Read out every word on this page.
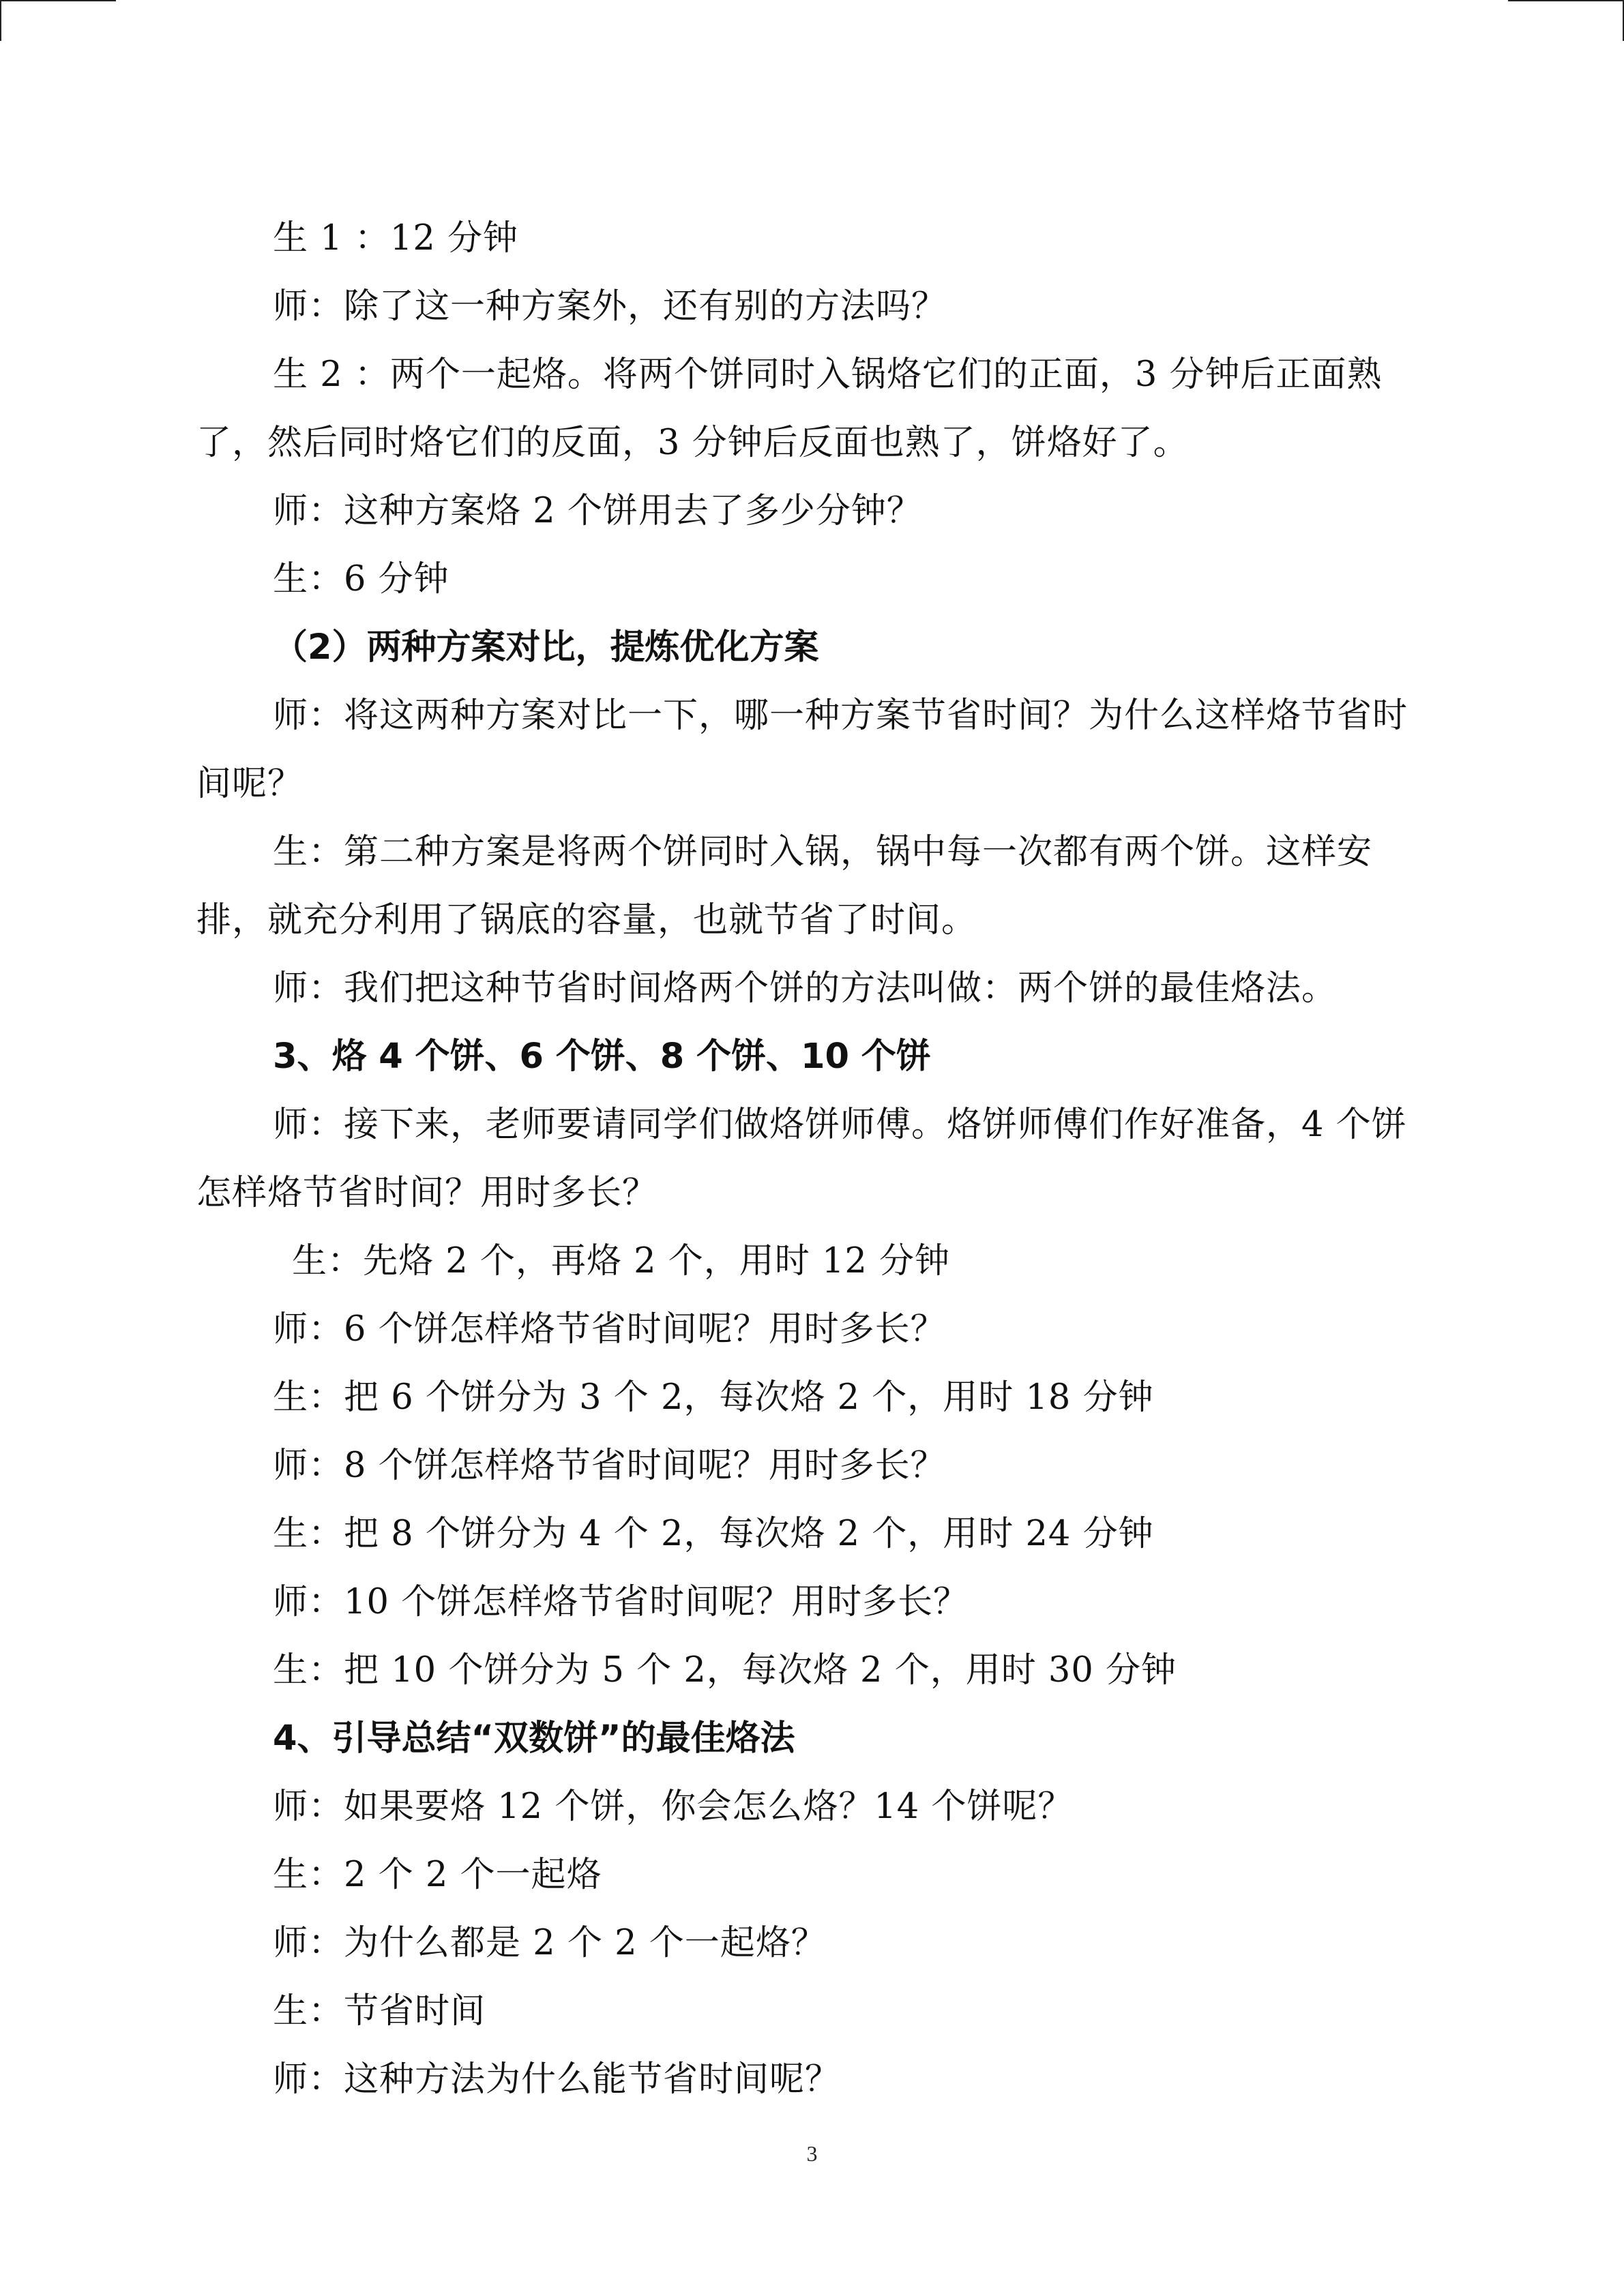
生 1 ：12 分钟

师：除了这一种方案外，还有别的方法吗？

生 2 ：两个一起烙。将两个饼同时入锅烙它们的正面，3 分钟后正面熟了，然后同时烙它们的反面，3 分钟后反面也熟了，饼烙好了。

师：这种方案烙 2 个饼用去了多少分钟？

生：6 分钟

（2）两种方案对比，提炼优化方案

师：将这两种方案对比一下，哪一种方案节省时间？为什么这样烙节省时间呢？

生：第二种方案是将两个饼同时入锅，锅中每一次都有两个饼。这样安排，就充分利用了锅底的容量，也就节省了时间。

师：我们把这种节省时间烙两个饼的方法叫做：两个饼的最佳烙法。

3、烙 4 个饼、6 个饼、8 个饼、10 个饼

师：接下来，老师要请同学们做烙饼师傅。烙饼师傅们作好准备，4 个饼怎样烙节省时间？用时多长？

生：先烙 2 个，再烙 2 个，用时 12 分钟

师：6 个饼怎样烙节省时间呢？用时多长？

生：把 6 个饼分为 3 个 2，每次烙 2 个，用时 18 分钟

师：8 个饼怎样烙节省时间呢？用时多长？

生：把 8 个饼分为 4 个 2，每次烙 2 个，用时 24 分钟

师：10 个饼怎样烙节省时间呢？用时多长？

生：把 10 个饼分为 5 个 2，每次烙 2 个，用时 30 分钟

4、引导总结“双数饼”的最佳烙法

师：如果要烙 12 个饼，你会怎么烙？14 个饼呢？

生：2 个 2 个一起烙

师：为什么都是 2 个 2 个一起烙？

生：节省时间

师：这种方法为什么能节省时间呢？

3
